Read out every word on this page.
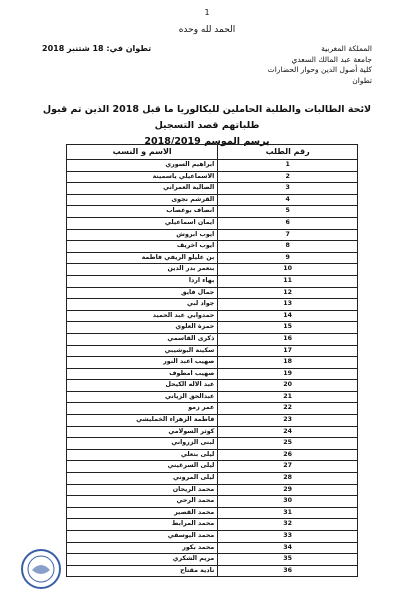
1
الحمد لله وحده
المملكة المغربية
جامعة عبد المالك السعدي
كلية أصول الدين وحوار الحضارات
تطوان
تطوان في: 18 شتنبر 2018
لائحة الطالبات والطلبة الحاملين للبكالوريا ما قبل 2018 الذين تم قبول طلباتهم قصد التسجيل
برسم الموسم 2018/2019
رقم الطلب	الاسم و النسب
1	ابراهيم السوري
2	الاسماعيلي ياسمينة
3	الصالية العمراني
4	القرشم نجوى
5	انصاف بوعصاب
6	ايمان اسماعيلي
7	ايوب ابروش
8	ايوب اخريف
9	بن عليلو الريفي فاطمة
10	بنعمر بدر الدين
11	بهاء اردا
12	جمال فايق
13	جواد لبي
14	حمدوابي عبد الحميد
15	حمزة العلوي
16	ذكرى القاسمي
17	سكينة البوشيبي
18	صهيب اعبد النور
19	صهيب امطوف
20	عبد الاله الكيحل
21	عبدالحق الزياني
22	عمر زمو
23	فاطمة الزهراء الخمليشي
24	كوثر السولامي
25	لبنى الزرواني
26	ليلى بنعلي
27	ليلى السرغيني
28	ليلى المروني
29	محمد الريحان
30	محمد الرحي
31	محمد القصير
32	محمد المرابط
33	محمد اليوسفي
34	محمد بكور
35	مريم الشكري
36	نادية مقتاح
